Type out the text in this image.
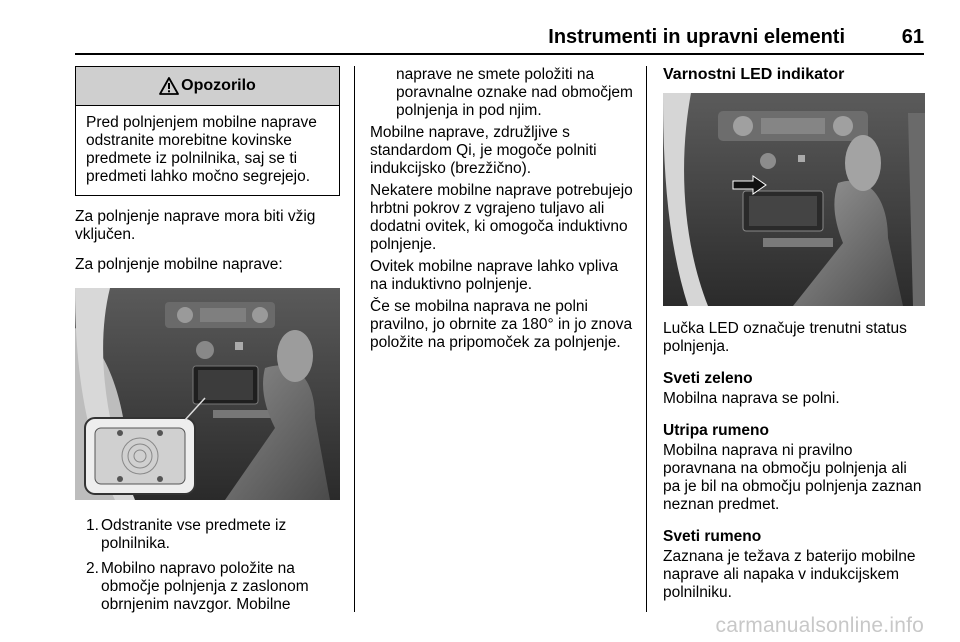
Instrumenti in upravni elementi	61
Opozorilo
Pred polnjenjem mobilne naprave odstranite morebitne kovinske predmete iz polnilnika, saj se ti predmeti lahko močno segrejejo.

Za polnjenje naprave mora biti vžig vključen.

Za polnjenje mobilne naprave:

1. Odstranite vse predmete iz polnilnika.
2. Mobilno napravo položite na območje polnjenja z zaslonom obrnjenim navzgor. Mobilne

naprave ne smete položiti na poravnalne oznake nad območjem polnjenja in pod njim.

Mobilne naprave, združljive s standardom Qi, je mogoče polniti indukcijsko (brezžično).

Nekatere mobilne naprave potrebujejo hrbtni pokrov z vgrajeno tuljavo ali dodatni ovitek, ki omogoča induktivno polnjenje.

Ovitek mobilne naprave lahko vpliva na induktivno polnjenje.

Če se mobilna naprava ne polni pravilno, jo obrnite za 180° in jo znova položite na pripomoček za polnjenje.

Varnostni LED indikator

Lučka LED označuje trenutni status polnjenja.

Sveti zeleno
Mobilna naprava se polni.
Utripa rumeno
Mobilna naprava ni pravilno poravnana na območju polnjenja ali pa je bil na območju polnjenja zaznan neznan predmet.
Sveti rumeno
Zaznana je težava z baterijo mobilne naprave ali napaka v indukcijskem polnilniku.
carmanualsonline.info
